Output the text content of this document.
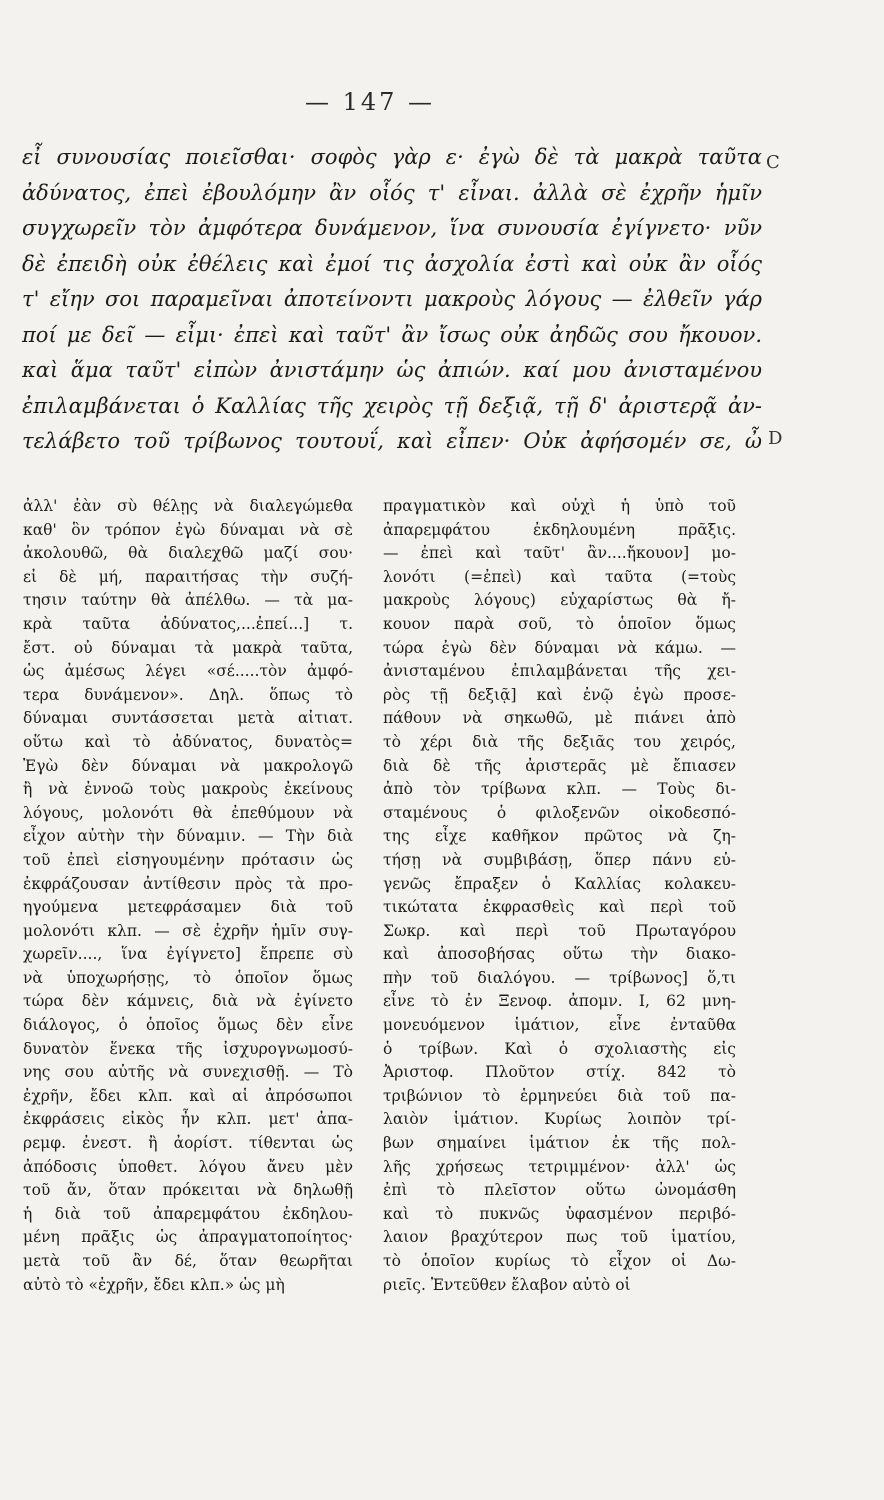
— 147 —
εἶ συνουσίας ποιεῖσθαι· σοφὸς γὰρ ε· ἐγὼ δὲ τὰ μακρὰ ταῦτα
ἀδύνατος, ἐπεὶ ἐβουλόμην ἂν οἷός τ' εἶναι. ἀλλὰ σὲ ἐχρῆν ἡμῖν
συγχωρεῖν τὸν ἀμφότερα δυνάμενον, ἵνα συνουσία ἐγίγνετο· νῦν
δὲ ἐπειδὴ οὐκ ἐθέλεις καὶ ἐμοί τις ἀσχολία ἐστὶ καὶ οὐκ ἂν οἷός
τ' εἴην σοι παραμεῖναι ἀποτείνοντι μακροὺς λόγους — ἐλθεῖν γάρ
ποί με δεῖ — εἶμι· ἐπεὶ καὶ ταῦτ' ἂν ἴσως οὐκ ἀηδῶς σου ἤκουον.
καὶ ἅμα ταῦτ' εἰπὼν ἀνιστάμην ὡς ἀπιών. καί μου ἀνισταμένου
ἐπιλαμβάνεται ὁ Καλλίας τῆς χειρὸς τῇ δεξιᾷ, τῇ δ' ἀριστερᾷ ἀν-
τελάβετο τοῦ τρίβωνος τουτουΐ, καὶ εἶπεν· Οὐκ ἀφήσομέν σε, ὦ
C
D
ἀλλ' ἐὰν σὺ θέλῃς νὰ διαλεγώμεθα
καθ' ὃν τρόπον ἐγὼ δύναμαι νὰ σὲ
ἀκολουθῶ, θὰ διαλεχθῶ μαζί σου·
εἰ δὲ μή, παραιτήσας τὴν συζή-
τησιν ταύτην θὰ ἀπέλθω. — τὰ μα-
κρὰ ταῦτα ἀδύνατος,...ἐπεί...] τ.
ἔστ. οὐ δύναμαι τὰ μακρὰ ταῦτα,
ὡς ἀμέσως λέγει «σέ.....τὸν ἀμφό-
τερα δυνάμενον». Δηλ. ὅπως τὸ
δύναμαι συντάσσεται μετὰ αἰτιατ.
οὕτω καὶ τὸ ἀδύνατος, δυνατὸς=
Ἐγὼ δὲν δύναμαι νὰ μακρολογῶ
ἢ νὰ ἐννοῶ τοὺς μακροὺς ἐκείνους
λόγους, μολονότι θὰ ἐπεθύμουν νὰ
εἶχον αὐτὴν τὴν δύναμιν. — Τὴν διὰ
τοῦ ἐπεὶ εἰσηγουμένην πρότασιν ὡς
ἐκφράζουσαν ἀντίθεσιν πρὸς τὰ προ-
ηγούμενα μετεφράσαμεν διὰ τοῦ
μολονότι κλπ. — σὲ ἐχρῆν ἡμῖν συγ-
χωρεῖν...., ἵνα ἐγίγνετο] ἔπρεπε σὺ
νὰ ὑποχωρήσῃς, τὸ ὁποῖον ὅμως
τώρα δὲν κάμνεις, διὰ νὰ ἐγίνετο
διάλογος, ὁ ὁποῖος ὅμως δὲν εἶνε
δυνατὸν ἕνεκα τῆς ἰσχυρογνωμοσύ-
νης σου αὐτῆς νὰ συνεχισθῇ. — Τὸ
ἐχρῆν, ἔδει κλπ. καὶ αἱ ἀπρόσωποι
ἐκφράσεις εἰκὸς ἦν κλπ. μετ' ἀπα-
ρεμφ. ἐνεστ. ἢ ἀορίστ. τίθενται ὡς
ἀπόδοσις ὑποθετ. λόγου ἄνευ μὲν
τοῦ ἄν, ὅταν πρόκειται νὰ δηλωθῇ
ἡ διὰ τοῦ ἀπαρεμφάτου ἐκδηλου-
μένη πρᾶξις ὡς ἀπραγματοποίητος·
μετὰ τοῦ ἂν δέ, ὅταν θεωρῆται
αὐτὸ τὸ «ἐχρῆν, ἔδει κλπ.» ὡς μὴ
πραγματικὸν καὶ οὐχὶ ἡ ὑπὸ τοῦ
ἀπαρεμφάτου ἐκδηλουμένη πρᾶξις.
— ἐπεὶ καὶ ταῦτ' ἂν....ἤκουον] μο-
λονότι (=ἐπεὶ) καὶ ταῦτα (=τοὺς
μακροὺς λόγους) εὐχαρίστως θὰ ἤ-
κουον παρὰ σοῦ, τὸ ὁποῖον ὅμως
τώρα ἐγὼ δὲν δύναμαι νὰ κάμω. —
ἀνισταμένου ἐπιλαμβάνεται τῆς χει-
ρὸς τῇ δεξιᾷ] καὶ ἐνῷ ἐγὼ προσε-
πάθουν νὰ σηκωθῶ, μὲ πιάνει ἀπὸ
τὸ χέρι διὰ τῆς δεξιᾶς του χειρός,
διὰ δὲ τῆς ἀριστερᾶς μὲ ἔπιασεν
ἀπὸ τὸν τρίβωνα κλπ. — Τοὺς δι-
σταμένους ὁ φιλοξενῶν οἰκοδεσπό-
της εἶχε καθῆκον πρῶτος νὰ ζη-
τήσῃ νὰ συμβιβάσῃ, ὅπερ πάνυ εὐ-
γενῶς ἔπραξεν ὁ Καλλίας κολακευ-
τικώτατα ἐκφρασθεὶς καὶ περὶ τοῦ
Σωκρ. καὶ περὶ τοῦ Πρωταγόρου
καὶ ἀποσοβήσας οὕτω τὴν διακο-
πὴν τοῦ διαλόγου. — τρίβωνος] ὅ,τι
εἶνε τὸ ἐν Ξενοφ. ἀπομν. I, 62 μνη-
μονευόμενον ἱμάτιον, εἶνε ἐνταῦθα
ὁ τρίβων. Καὶ ὁ σχολιαστὴς εἰς
Ἀριστοφ. Πλοῦτον στίχ. 842 τὸ
τριβώνιον τὸ ἑρμηνεύει διὰ τοῦ πα-
λαιὸν ἱμάτιον. Κυρίως λοιπὸν τρί-
βων σημαίνει ἱμάτιον ἐκ τῆς πολ-
λῆς χρήσεως τετριμμένον· ἀλλ' ὡς
ἐπὶ τὸ πλεῖστον οὕτω ὠνομάσθη
καὶ τὸ πυκνῶς ὑφασμένον περιβό-
λαιον βραχύτερον πως τοῦ ἱματίου,
τὸ ὁποῖον κυρίως τὸ εἶχον οἱ Δω-
ριεῖς. Ἐντεῦθεν ἔλαβον αὐτὸ οἱ
